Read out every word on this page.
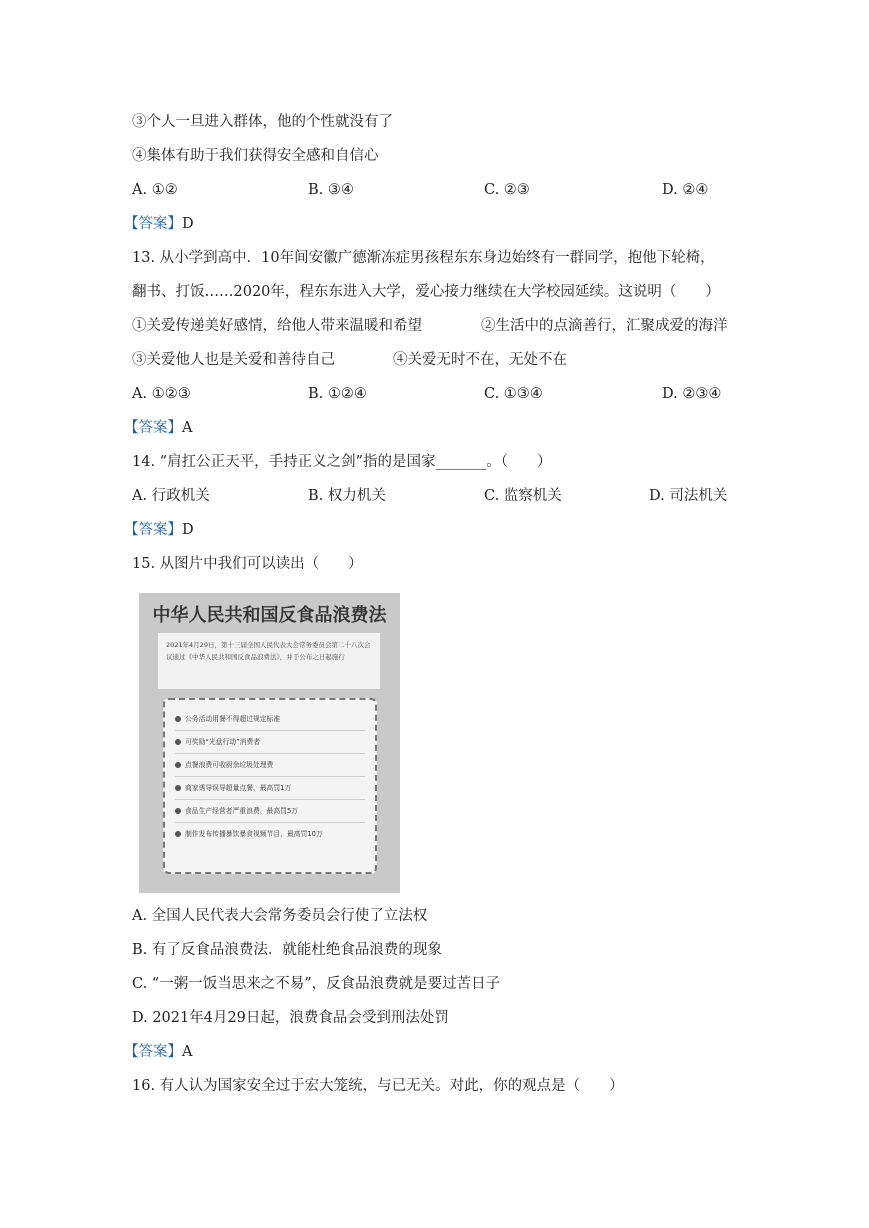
③个人一旦进入群体，他的个性就没有了
④集体有助于我们获得安全感和自信心
A. ①②	B. ③④	C. ②③	D. ②④
【答案】D
13. 从小学到高中．10年间安徽广德渐冻症男孩程东东身边始终有一群同学，抱他下轮椅，
翻书、打饭……2020年，程东东进入大学，爱心接力继续在大学校园延续。这说明（　　）
①关爱传递美好感情，给他人带来温暖和希望	②生活中的点滴善行，汇聚成爱的海洋
③关爱他人也是关爱和善待自己	④关爱无时不在，无处不在
A. ①②③	B. ①②④	C. ①③④	D. ②③④
【答案】A
14. “肩扛公正天平，手持正义之剑”指的是国家_______。（　　）
A. 行政机关	B. 权力机关	C. 监察机关	D. 司法机关
【答案】D
15. 从图片中我们可以读出（　　）
中华人民共和国反食品浪费法
2021年4月29日，第十三届全国人民代表大会常务委员会第二十八次会议通过《中华人民共和国反食品浪费法》，并于公布之日起施行
公务活动用餐不得超过规定标准
可奖励“光盘行动”消费者
点餐浪费可收厨余垃圾处理费
商家诱导误导超量点餐，最高罚1万
食品生产经营者严重浪费，最高罚5万
制作发布传播暴饮暴食视频节目，最高罚10万
A. 全国人民代表大会常务委员会行使了立法权
B. 有了反食品浪费法．就能杜绝食品浪费的现象
C. “一粥一饭当思来之不易”，反食品浪费就是要过苦日子
D. 2021年4月29日起，浪费食品会受到刑法处罚
【答案】A
16. 有人认为国家安全过于宏大笼统，与已无关。对此，你的观点是（　　）
